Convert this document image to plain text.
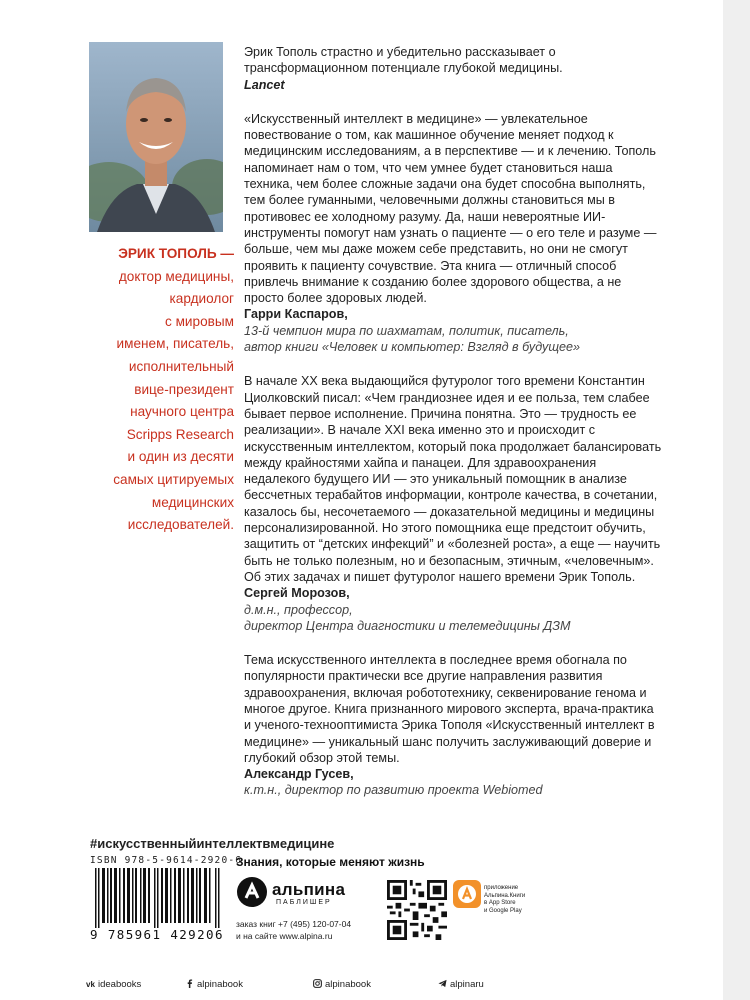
ЭРИК ТОПОЛЬ —
доктор медицины,
кардиолог
с мировым
именем, писатель,
исполнительный
вице-президент
научного центра
Scripps Research
и один из десяти
самых цитируемых
медицинских
исследователей.

Эрик Тополь страстно и убедительно рассказывает о трансформационном потенциале глубокой медицины.

Lancet

«Искусственный интеллект в медицине» — увлекательное повествование о том, как машинное обучение меняет подход к медицинским исследованиям, а в перспективе — и к лечению. Тополь напоминает нам о том, что чем умнее будет становиться наша техника, чем более сложные задачи она будет способна выполнять, тем более гуманными, человечными должны становиться мы в противовес ее холодному разуму. Да, наши невероятные ИИ-инструменты помогут нам узнать о пациенте — о его теле и разуме — больше, чем мы даже можем себе представить, но они не смогут проявить к пациенту сочувствие. Эта книга — отличный способ привлечь внимание к созданию более здорового общества, а не просто более здоровых людей.

Гарри Каспаров,

13-й чемпион мира по шахматам, политик, писатель,
автор книги «Человек и компьютер: Взгляд в будущее»

В начале ХХ века выдающийся футуролог того времени Константин Циолковский писал: «Чем грандиознее идея и ее польза, тем слабее бывает первое исполнение. Причина понятна. Это — трудность ее реализации». В начале XXI века именно это и происходит с искусственным интеллектом, который пока продолжает балансировать между крайностями хайпа и панацеи. Для здравоохранения недалекого будущего ИИ — это уникальный помощник в анализе бессчетных терабайтов информации, контроле качества, в сочетании, казалось бы, несочетаемого — доказательной медицины и медицины персонализированной. Но этого помощника еще предстоит обучить, защитить от “детских инфекций” и «болезней роста», а еще — научить быть не только полезным, но и безопасным, этичным, «человечным». Об этих задачах и пишет футуролог нашего времени Эрик Тополь.

Сергей Морозов,

д.м.н., профессор,
директор Центра диагностики и телемедицины ДЗМ

Тема искусственного интеллекта в последнее время обогнала по популярности практически все другие направления развития здравоохранения, включая робототехнику, секвенирование генома и многое другое. Книга признанного мирового эксперта, врача-практика и ученого-технооптимиста Эрика Тополя «Искусственный интеллект в медицине» — уникальный шанс получить заслуживающий доверие и глубокий обзор этой темы.

Александр Гусев,

к.т.н., директор по развитию проекта Webiomed

#искусственныйинтеллектвмедицине
ISBN 978-5-9614-2920-6
9 785961 429206
Знания, которые меняют жизнь
альпина
ПАБЛИШЕР
заказ книг +7 (495) 120-07-04
и на сайте www.alpina.ru
приложение
Альпина.Книги
в App Store
и Google Play
vk ideabooks	alpinabook	alpinabook	alpinaru
